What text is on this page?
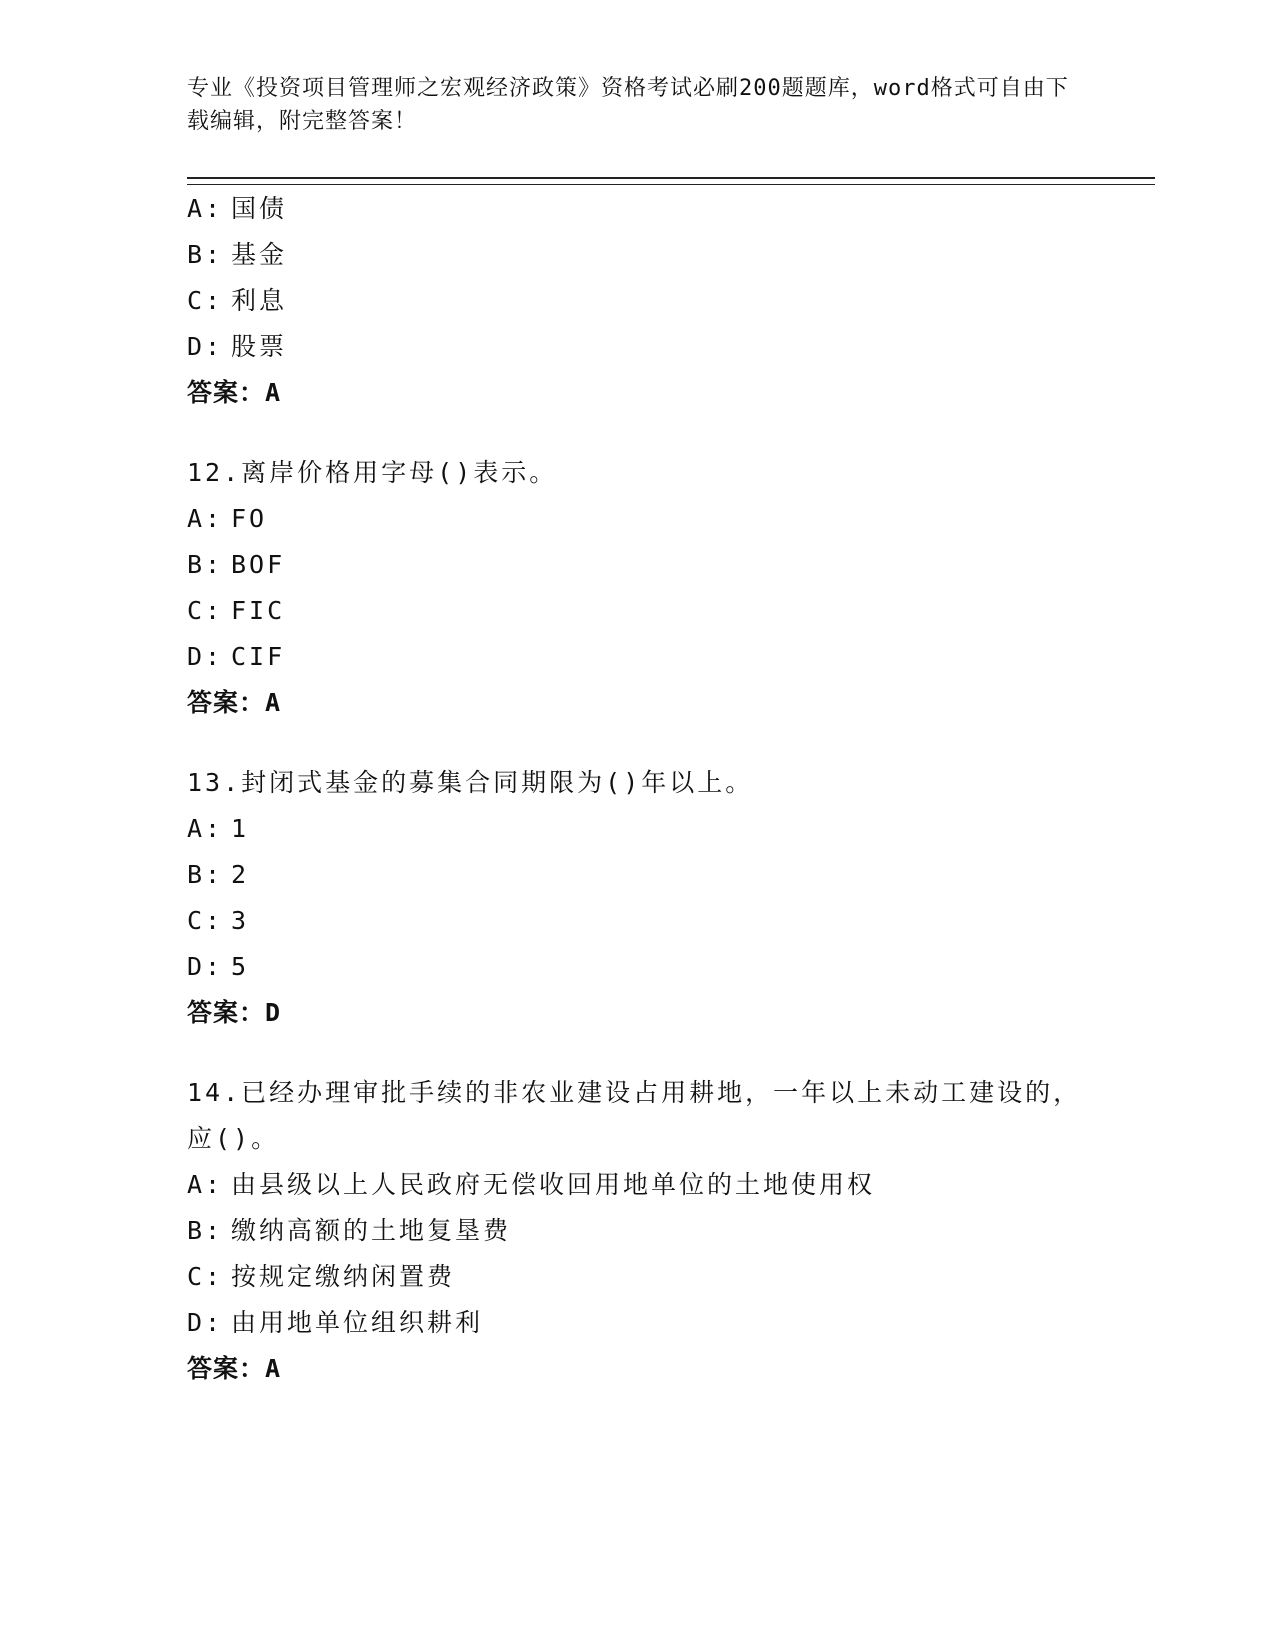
专业《投资项目管理师之宏观经济政策》资格考试必刷200题题库，word格式可自由下载编辑，附完整答案！
A: 国债
B: 基金
C: 利息
D: 股票
答案：A
12.离岸价格用字母()表示。
A: FO
B: BOF
C: FIC
D: CIF
答案：A
13.封闭式基金的募集合同期限为()年以上。
A: 1
B: 2
C: 3
D: 5
答案：D
14.已经办理审批手续的非农业建设占用耕地，一年以上未动工建设的，应()。
A: 由县级以上人民政府无偿收回用地单位的土地使用权
B: 缴纳高额的土地复垦费
C: 按规定缴纳闲置费
D: 由用地单位组织耕利
答案：A
